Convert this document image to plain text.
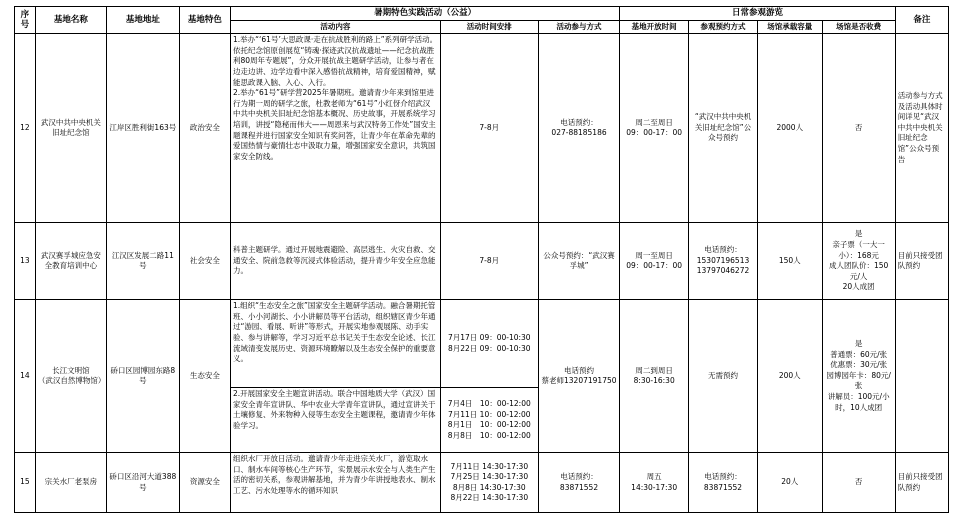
序号	基地名称	基地地址	基地特色	暑期特色实践活动（公益）			日常参观游览				备注
				活动内容	活动时间安排	活动参与方式	基地开放时间	参观预约方式	场馆承载容量	场馆是否收费	
12	武汉中共中央机关旧址纪念馆	江岸区胜利街163号	政治安全	1.举办“‘61号’大思政课·走在抗战胜利的路上”系列研学活动。依托纪念馆原创展览“铸魂·探迹武汉抗战遗址——纪念抗战胜利80周年专题展”，分众开展抗战主题研学活动，让参与者在边走边讲、边学边看中深入感悟抗战精神，培育爱国精神，赋能思政课入脑、入心、入行。
2.举办“61号”研学营2025年暑期班。邀请青少年来到馆里进行为期一周的研学之旅，杜教老师为“61号”小红伢介绍武汉中共中央机关旧址纪念馆基本概况、历史故事，开展系统学习培训，讲授“隐秘而伟大——周恩来与武汉特务工作处”国安主题课程并进行国家安全知识有奖问答，让青少年在革命先辈的爱国热情与豪情壮志中汲取力量，增强国家安全意识，共筑国家安全防线。	7-8月	电话预约：
027-88185186	周二至周日
09：00-17：00	“武汉中共中央机关旧址纪念馆”公众号预约	2000人	否	活动参与方式及活动具体时间详见“武汉中共中央机关旧址纪念馆”公众号预告

13	武汉赛孚城应急安全教育培训中心	江汉区发展二路11号	社会安全	科普主题研学。通过开展地震避险、高层逃生、火灾自救、交通安全、院前急救等沉浸式体验活动，提升青少年安全应急能力。	7-8月	公众号预约：“武汉赛孚城”	周一至周日
09：00-17：00	电话预约：
15307196513
13797046272	150人	是
亲子票（一大一小）：168元
成人团队价：150元/人
20人成团	目前只接受团队预约

14	长江文明馆
（武汉自然博物馆）	硚口区园博园东路8号	生态安全	1.组织“生态安全之旅”国家安全主题研学活动。融合暑期托管班、小小河湖长、小小讲解员等平台活动，组织辖区青少年通过“游园、看展、听讲”等形式，开展实地参观展陈、动手实验、参与讲解等，学习习近平总书记关于生态安全论述、长江流域清变发展历史、资源环境瞭解以及生态安全保护的重要意义。	7月17日 09：00-10:30
8月22日 09：00-10:30	电话预约
蔡老师13207191750	周二到周日
8:30-16:30	无需预约	200人	是
普通票：60元/张
优惠票：30元/张
园博园年卡：80元/张
讲解员：100元/小时，10人成团	

				2.开展国家安全主题宣讲活动。联合中国地质大学（武汉）国家安全青年宣讲队、华中农业大学青年宣讲队，通过宣讲关于土壤修复、外来物种入侵等生态安全主题课程，邀请青少年体验学习。	7月4日　10：00-12:00
7月11日 10：00-12:00
8月1日　10：00-12:00
8月8日　10：00-12:00						

15	宗关水厂老泵房	硚口区沿河大道388号	资源安全	组织水厂开放日活动。邀请青少年走进宗关水厂，游览取水口、制水车间等核心生产环节，实景展示水安全与人类生产生活的密切关系，参观讲解基地，并为青少年讲授地表水、制水工艺、污水处理等水的循环知识	7月11日 14:30-17:30
7月25日 14:30-17:30
8月8日 14:30-17:30
8月22日 14:30-17:30	电话预约：
83871552	周五
14:30-17:30	电话预约：
83871552	20人	否	目前只接受团队预约
